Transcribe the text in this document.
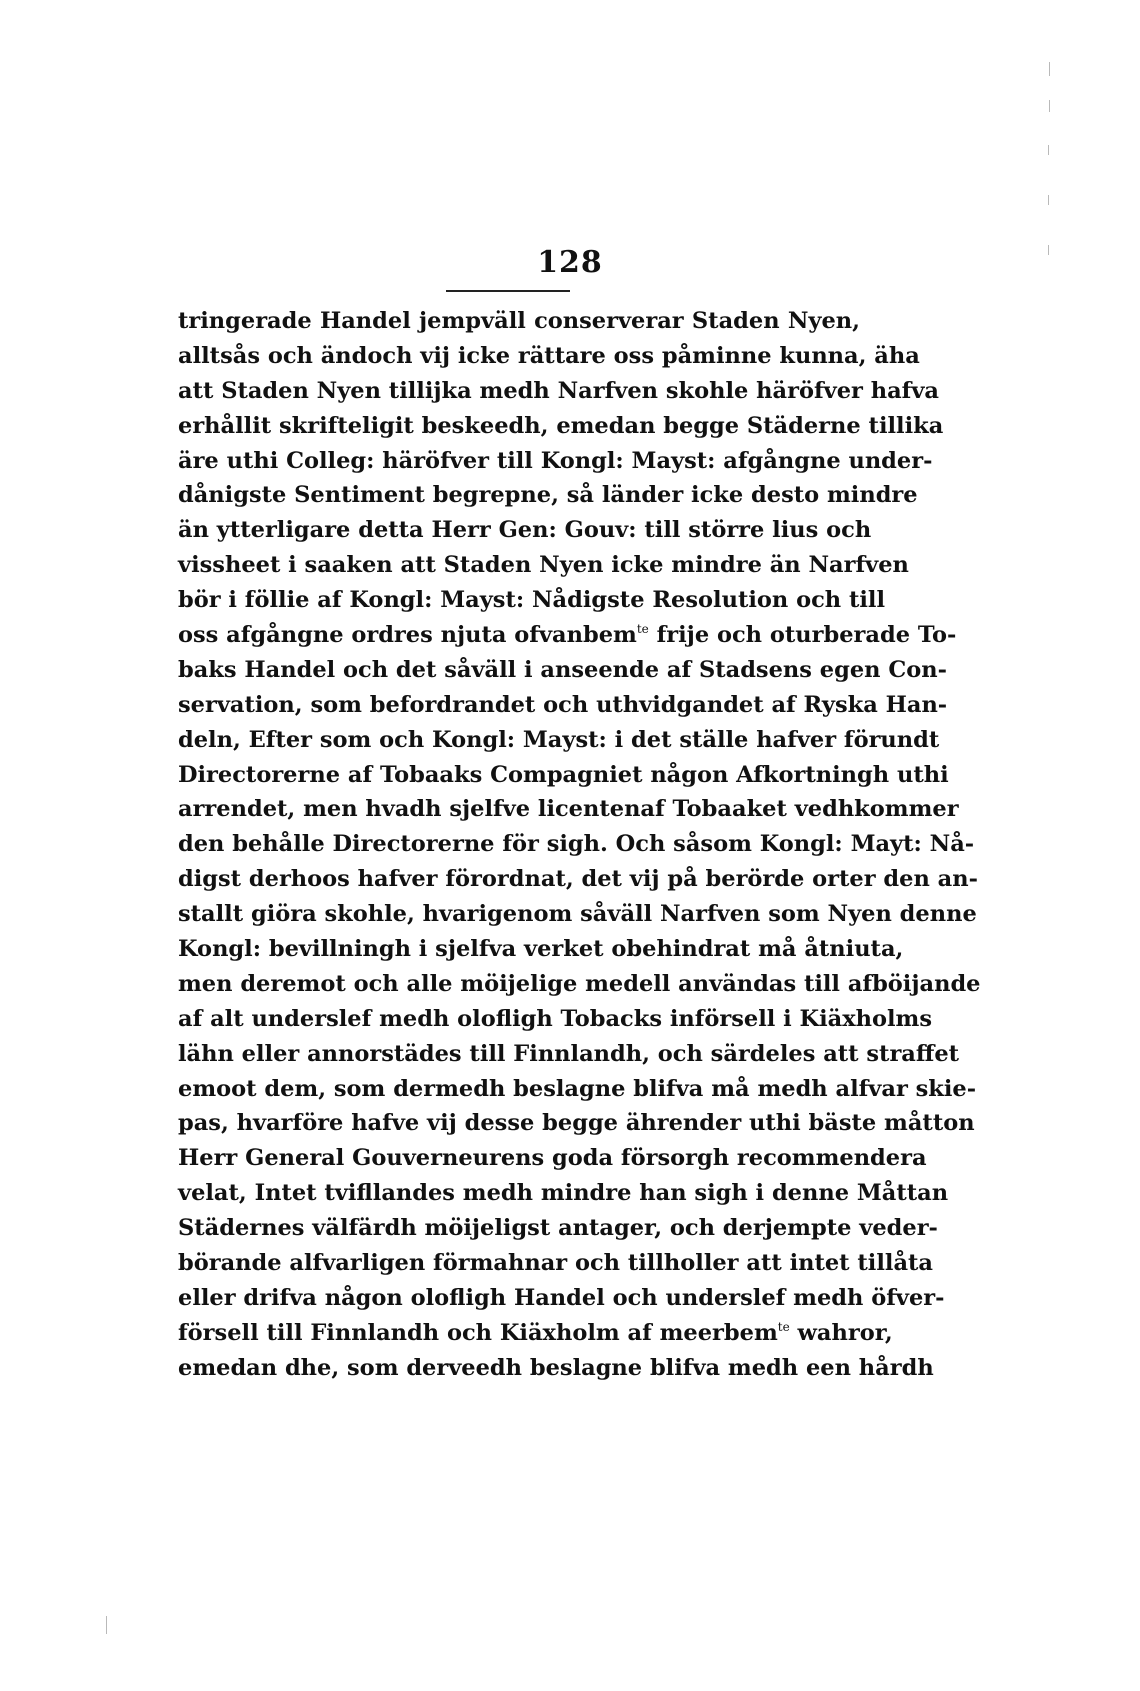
128
tringerade Handel jempväll conserverar Staden Nyen,
alltsås och ändoch vij icke rättare oss påminne kunna, äha
att Staden Nyen tillijka medh Narfven skohle häröfver hafva
erhållit skrifteligit beskeedh, emedan begge Städerne tillika
äre uthi Colleg: häröfver till Kongl: Mayst: afgångne under-
dånigste Sentiment begrepne, så länder icke desto mindre
än ytterligare detta Herr Gen: Gouv: till större lius och
vissheet i saaken att Staden Nyen icke mindre än Narfven
bör i föllie af Kongl: Mayst: Nådigste Resolution och till
oss afgångne ordres njuta ofvanbem$^{te}$ frije och oturberade To-
baks Handel och det såväll i anseende af Stadsens egen Con-
servation, som befordrandet och uthvidgandet af Ryska Han-
deln, Efter som och Kongl: Mayst: i det ställe hafver förundt
Directorerne af Tobaaks Compagniet någon Afkortningh uthi
arrendet, men hvadh sjelfve licentenaf Tobaaket vedhkommer
den behålle Directorerne för sigh. Och såsom Kongl: Mayt: Nå-
digst derhoos hafver förordnat, det vij på berörde orter den an-
stallt giöra skohle, hvarigenom såväll Narfven som Nyen denne
Kongl: bevillningh i sjelfva verket obehindrat må åtniuta,
men deremot och alle möijelige medell användas till afböijande
af alt underslef medh olofligh Tobacks införsell i Kiäxholms
lähn eller annorstädes till Finnlandh, och särdeles att straffet
emoot dem, som dermedh beslagne blifva må medh alfvar skie-
pas, hvarföre hafve vij desse begge ährender uthi bäste måtton
Herr General Gouverneurens goda försorgh recommendera
velat, Intet tvifllandes medh mindre han sigh i denne Måttan
Städernes välfärdh möijeligst antager, och derjempte veder-
börande alfvarligen förmahnar och tillholler att intet tillåta
eller drifva någon olofligh Handel och underslef medh öfver-
försell till Finnlandh och Kiäxholm af meerbem$^{te}$ wahror,
emedan dhe, som derveedh beslagne blifva medh een hårdh
